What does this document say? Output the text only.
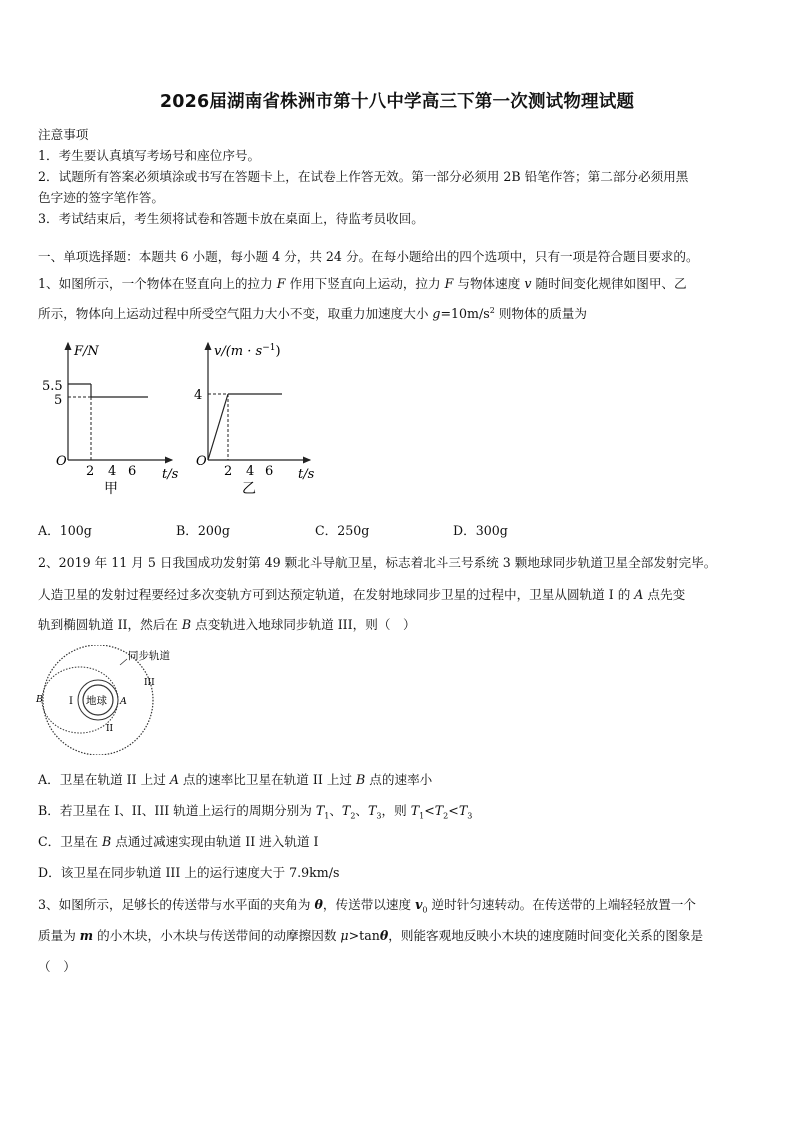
2026届湖南省株洲市第十八中学高三下第一次测试物理试题
注意事项
1．考生要认真填写考场号和座位序号。
2．试题所有答案必须填涂或书写在答题卡上，在试卷上作答无效。第一部分必须用 2B 铅笔作答；第二部分必须用黑
色字迹的签字笔作答。
3．考试结束后，考生须将试卷和答题卡放在桌面上，待监考员收回。
一、单项选择题：本题共 6 小题，每小题 4 分，共 24 分。在每小题给出的四个选项中，只有一项是符合题目要求的。
1、如图所示，一个物体在竖直向上的拉力 F 作用下竖直向上运动，拉力 F 与物体速度 v 随时间变化规律如图甲、乙
所示，物体向上运动过程中所受空气阻力大小不变，取重力加速度大小 $g=10m/s^2$ 则物体的质量为
F/N
5.5
5
O
2 4 6 t/s
甲
$v/(m \cdot s^{-1})$
4
O
2 4 6 t/s
乙
A．100g	B．200g	C．250g	D．300g
2、2019 年 11 月 5 日我国成功发射第 49 颗北斗导航卫星，标志着北斗三号系统 3 颗地球同步轨道卫星全部发射完毕。
人造卫星的发射过程要经过多次变轨方可到达预定轨道，在发射地球同步卫星的过程中，卫星从圆轨道 I 的 A 点先变
轨到椭圆轨道 II，然后在 B 点变轨进入地球同步轨道 III，则（　）
地球
同步轨道
III
I
II
A
B
A．卫星在轨道 II 上过 A 点的速率比卫星在轨道 II 上过 B 点的速率小
B．若卫星在 I、II、III 轨道上运行的周期分别为 $T_1$、$T_2$、$T_3$，则 $T_1<T_2<T_3$
C．卫星在 B 点通过减速实现由轨道 II 进入轨道 I
D．该卫星在同步轨道 III 上的运行速度大于 7.9km/s
3、如图所示，足够长的传送带与水平面的夹角为 θ，传送带以速度 $v_0$ 逆时针匀速转动。在传送带的上端轻轻放置一个
质量为 m 的小木块，小木块与传送带间的动摩擦因数 μ>tanθ，则能客观地反映小木块的速度随时间变化关系的图象是
（　）
